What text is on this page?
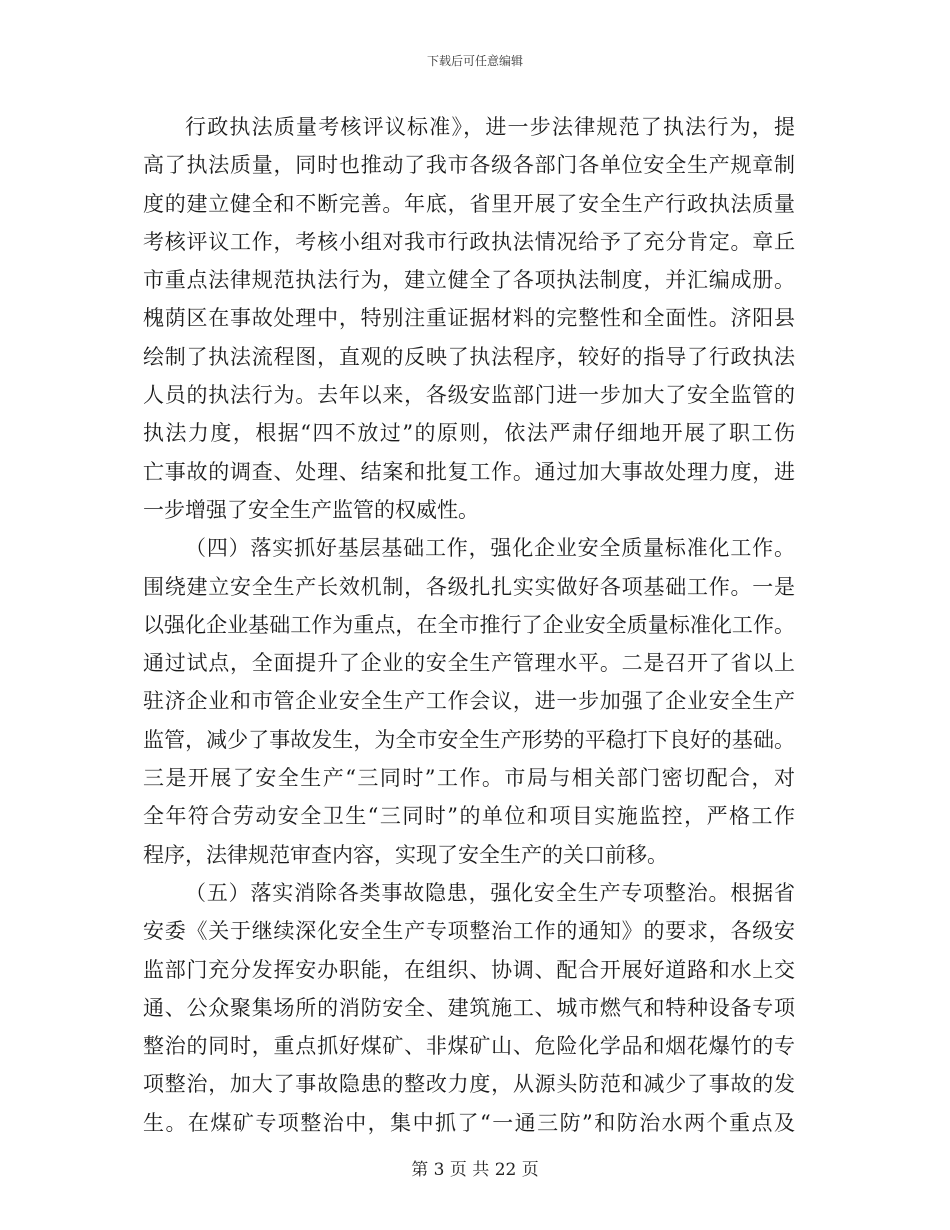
下载后可任意编辑
行政执法质量考核评议标准》，进一步法律规范了执法行为，提
高了执法质量，同时也推动了我市各级各部门各单位安全生产规章制
度的建立健全和不断完善。年底，省里开展了安全生产行政执法质量
考核评议工作，考核小组对我市行政执法情况给予了充分肯定。章丘
市重点法律规范执法行为，建立健全了各项执法制度，并汇编成册。
槐荫区在事故处理中，特别注重证据材料的完整性和全面性。济阳县
绘制了执法流程图，直观的反映了执法程序，较好的指导了行政执法
人员的执法行为。去年以来，各级安监部门进一步加大了安全监管的
执法力度，根据“四不放过”的原则，依法严肃仔细地开展了职工伤
亡事故的调查、处理、结案和批复工作。通过加大事故处理力度，进
一步增强了安全生产监管的权威性。
（四）落实抓好基层基础工作，强化企业安全质量标准化工作。
围绕建立安全生产长效机制，各级扎扎实实做好各项基础工作。一是
以强化企业基础工作为重点，在全市推行了企业安全质量标准化工作。
通过试点，全面提升了企业的安全生产管理水平。二是召开了省以上
驻济企业和市管企业安全生产工作会议，进一步加强了企业安全生产
监管，减少了事故发生，为全市安全生产形势的平稳打下良好的基础。
三是开展了安全生产“三同时”工作。市局与相关部门密切配合，对
全年符合劳动安全卫生“三同时”的单位和项目实施监控，严格工作
程序，法律规范审查内容，实现了安全生产的关口前移。
（五）落实消除各类事故隐患，强化安全生产专项整治。根据省
安委《关于继续深化安全生产专项整治工作的通知》的要求，各级安
监部门充分发挥安办职能，在组织、协调、配合开展好道路和水上交
通、公众聚集场所的消防安全、建筑施工、城市燃气和特种设备专项
整治的同时，重点抓好煤矿、非煤矿山、危险化学品和烟花爆竹的专
项整治，加大了事故隐患的整改力度，从源头防范和减少了事故的发
生。在煤矿专项整治中，集中抓了“一通三防”和防治水两个重点及
第 3 页 共 22 页
